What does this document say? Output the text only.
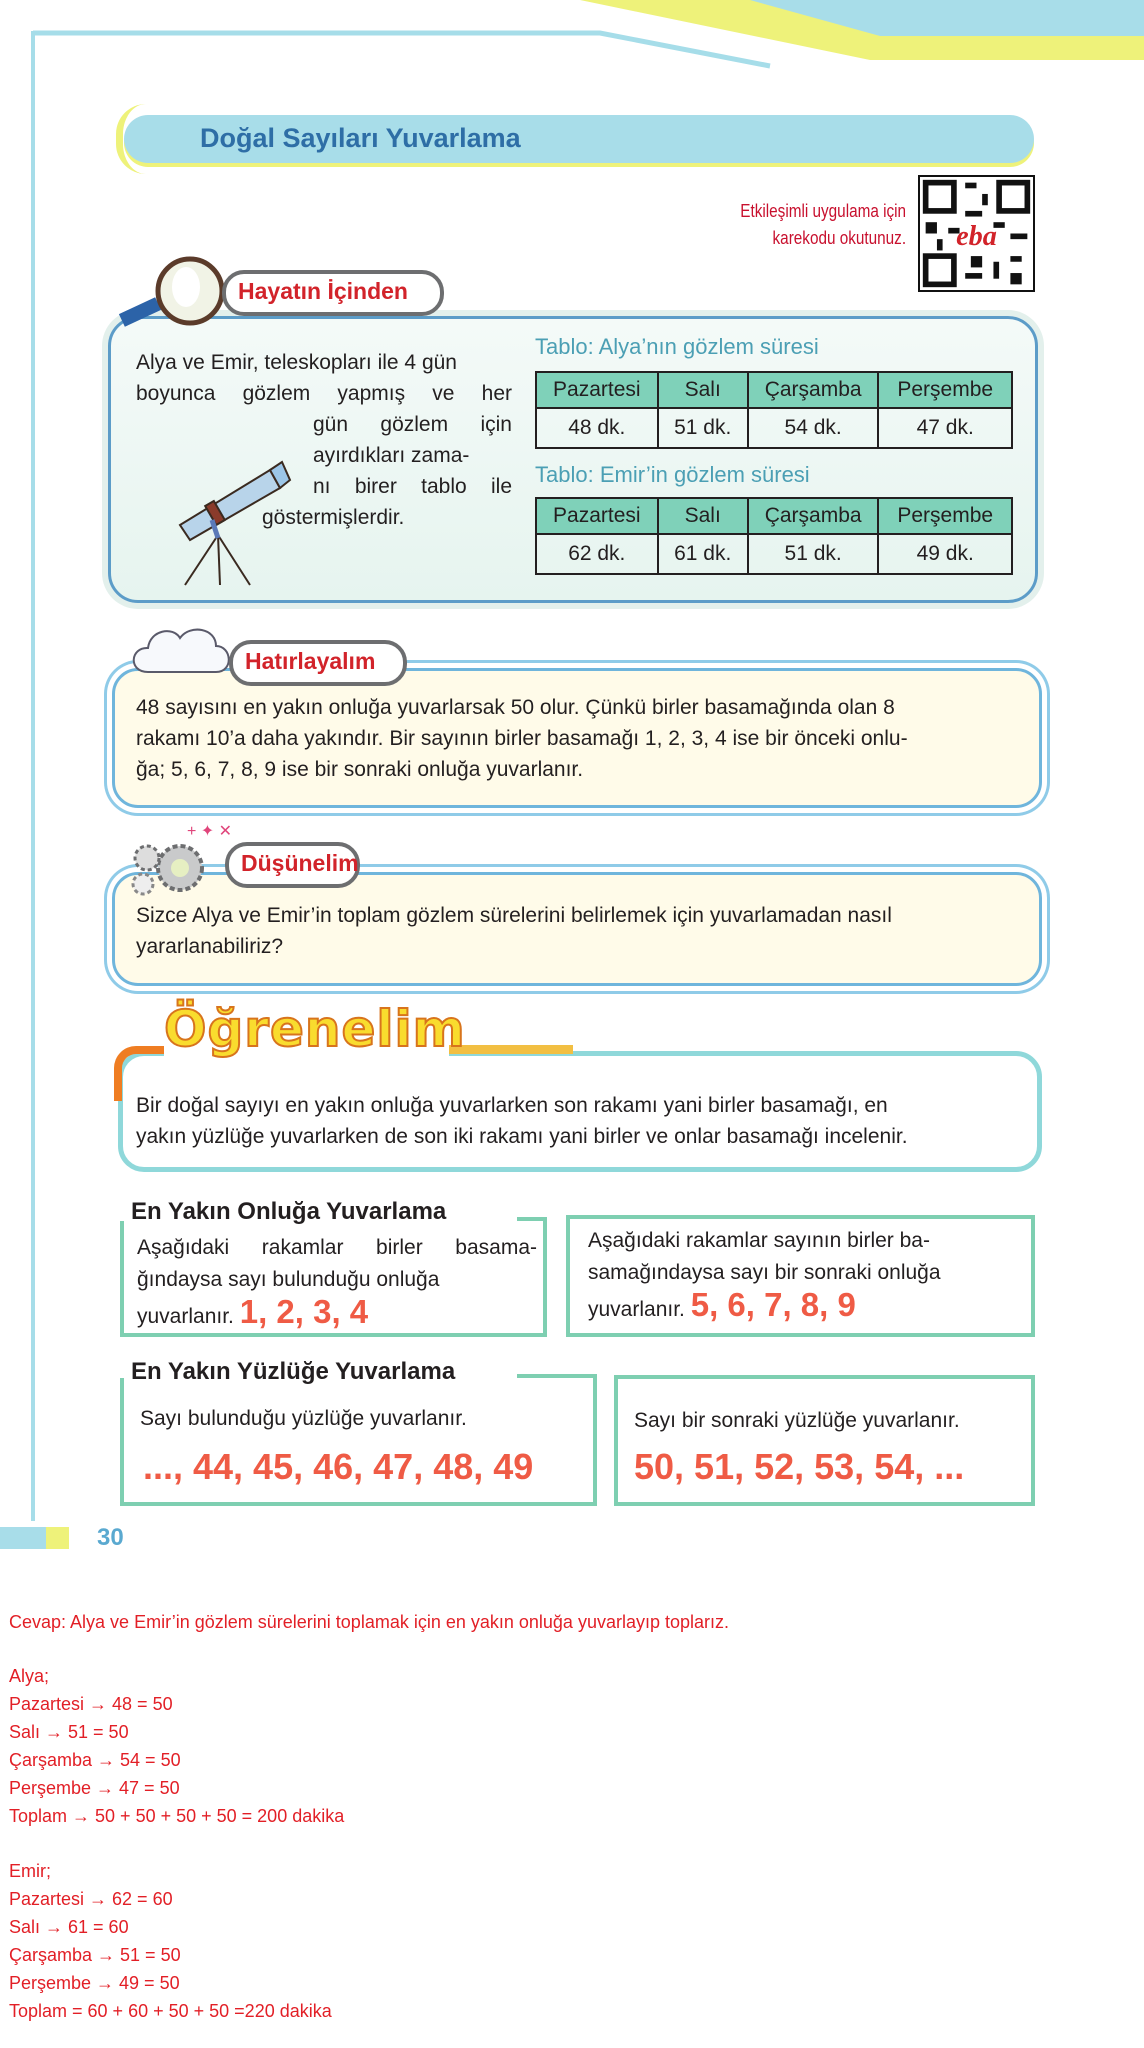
Doğal Sayıları Yuvarlama
Etkileşimli uygulama için
karekodu okutunuz.	eba
Hayatın İçinden
Alya ve Emir, teleskopları ile 4 gün
boyunca gözlem yapmış ve her
gün gözlem için
ayırdıkları zama-
nı birer tablo ile
göstermişlerdir.
Tablo: Alya’nın gözlem süresi
Pazartesi	Salı	Çarşamba	Perşembe
48 dk.	51 dk.	54 dk.	47 dk.
Tablo: Emir’in gözlem süresi
Pazartesi	Salı	Çarşamba	Perşembe
62 dk.	61 dk.	51 dk.	49 dk.
Hatırlayalım
48 sayısını en yakın onluğa yuvarlarsak 50 olur. Çünkü birler basamağında olan 8
rakamı 10’a daha yakındır. Bir sayının birler basamağı 1, 2, 3, 4 ise bir önceki onlu-
ğa; 5, 6, 7, 8, 9 ise bir sonraki onluğa yuvarlanır.
+ ✦ ✕
Düşünelim
Sizce Alya ve Emir’in toplam gözlem sürelerini belirlemek için yuvarlamadan nasıl
yararlanabiliriz?
Öğrenelim
Bir doğal sayıyı en yakın onluğa yuvarlarken son rakamı yani birler basamağı, en
yakın yüzlüğe yuvarlarken de son iki rakamı yani birler ve onlar basamağı incelenir.
En Yakın Onluğa Yuvarlama
Aşağıdaki rakamlar birler basama-
ğındaysa sayı bulunduğu onluğa
yuvarlanır. 1, 2, 3, 4
Aşağıdaki rakamlar sayının birler ba-
samağındaysa sayı bir sonraki onluğa
yuvarlanır. 5, 6, 7, 8, 9
En Yakın Yüzlüğe Yuvarlama
Sayı bulunduğu yüzlüğe yuvarlanır.
..., 44, 45, 46, 47, 48, 49
Sayı bir sonraki yüzlüğe yuvarlanır.
50, 51, 52, 53, 54, ...
30
Cevap: Alya ve Emir’in gözlem sürelerini toplamak için en yakın onluğa yuvarlayıp toplarız.
Alya;
Pazartesi → 48 = 50
Salı → 51 = 50
Çarşamba → 54 = 50
Perşembe → 47 = 50
Toplam → 50 + 50 + 50 + 50 = 200 dakika
Emir;
Pazartesi → 62 = 60
Salı → 61 = 60
Çarşamba → 51 = 50
Perşembe → 49 = 50
Toplam = 60 + 60 + 50 + 50 =220 dakika
